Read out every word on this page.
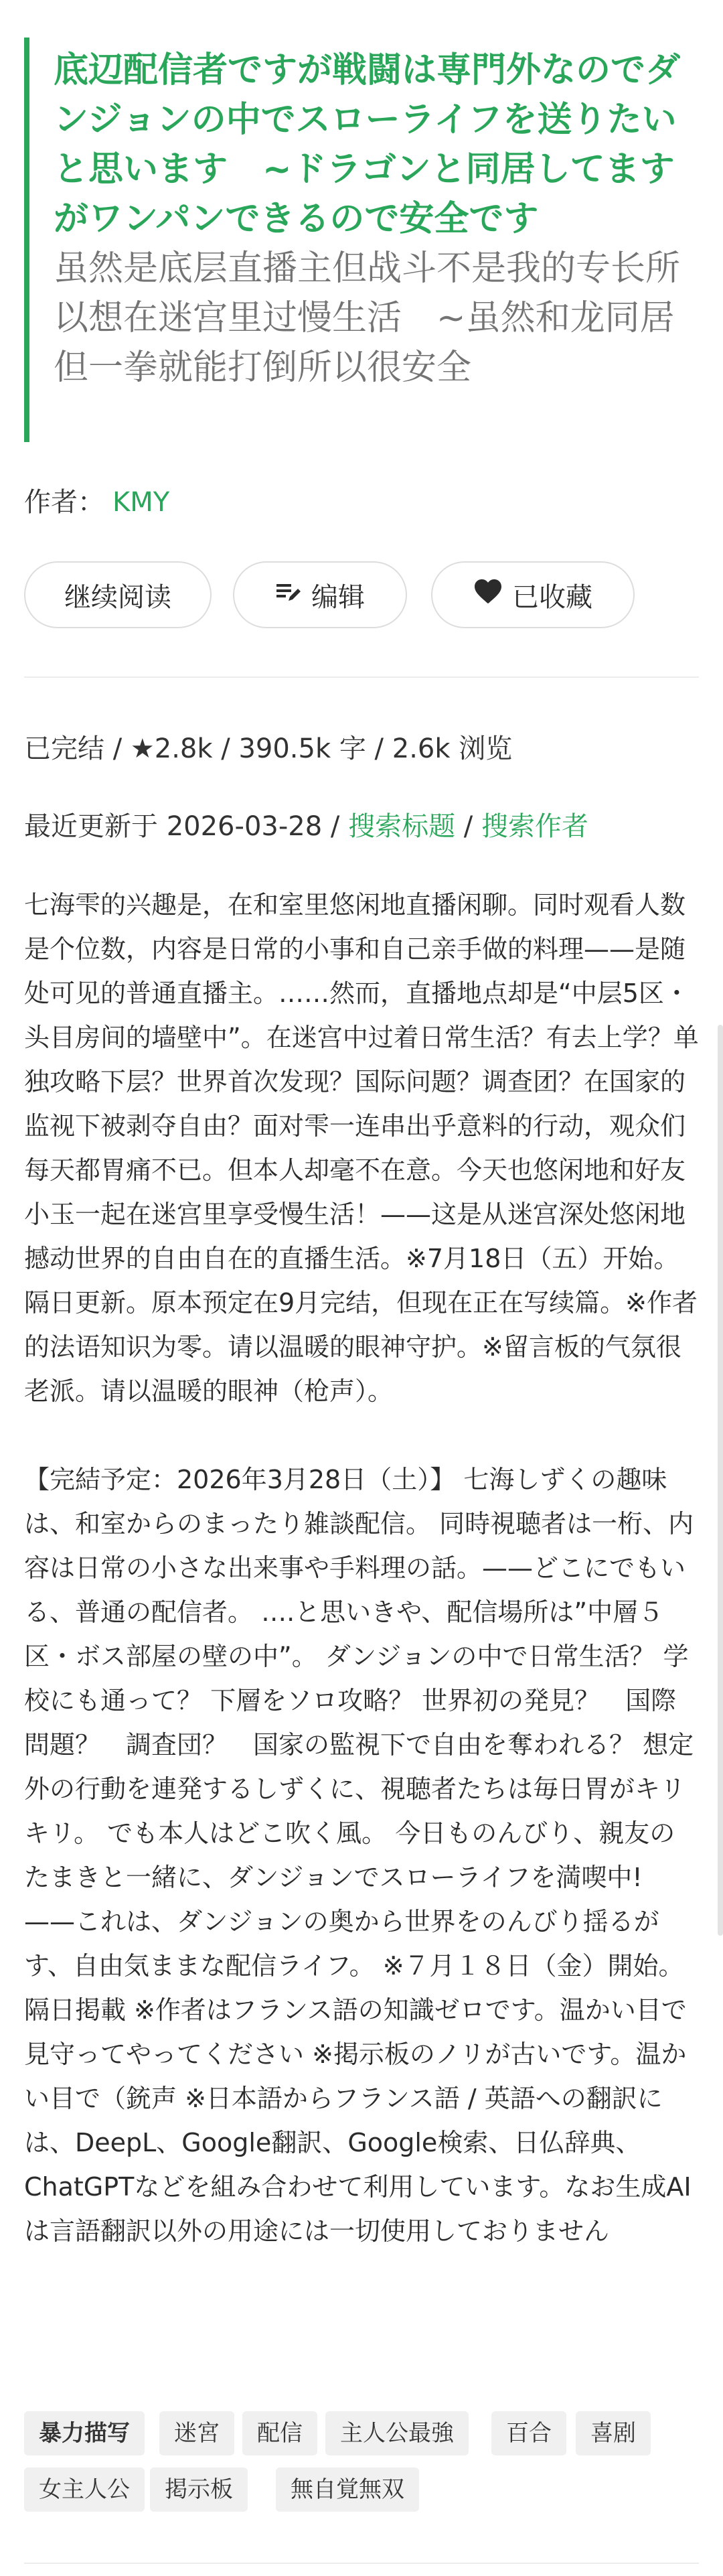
底辺配信者ですが戦闘は専門外なのでダンジョンの中でスローライフを送りたいと思います　~ドラゴンと同居してますがワンパンできるので安全です

虽然是底层直播主但战斗不是我的专长所以想在迷宫里过慢生活　~虽然和龙同居但一拳就能打倒所以很安全

作者： KMY
继续阅读	编辑	已收藏
已完结 / ★2.8k / 390.5k 字 / 2.6k 浏览
最近更新于 2026-03-28 / 搜索标题 / 搜索作者

七海雫的兴趣是，在和室里悠闲地直播闲聊。同时观看人数是个位数，内容是日常的小事和自己亲手做的料理——是随处可见的普通直播主。……然而，直播地点却是“中层5区・头目房间的墙壁中”。在迷宫中过着日常生活？有去上学？单独攻略下层？世界首次发现？国际问题？调查团？在国家的监视下被剥夺自由？面对雫一连串出乎意料的行动，观众们每天都胃痛不已。但本人却毫不在意。今天也悠闲地和好友小玉一起在迷宫里享受慢生活！——这是从迷宫深处悠闲地撼动世界的自由自在的直播生活。※7月18日（五）开始。隔日更新。原本预定在9月完结，但现在正在写续篇。※作者的法语知识为零。请以温暖的眼神守护。※留言板的气氛很老派。请以温暖的眼神（枪声）。

【完結予定：2026年3月28日（土）】 七海しずくの趣味は、和室からのまったり雑談配信。 同時視聴者は一桁、内容は日常の小さな出来事や手料理の話。——どこにでもいる、普通の配信者。 ….と思いきや、配信場所は”中層５区・ボス部屋の壁の中”。 ダンジョンの中で日常生活？ 学校にも通って？ 下層をソロ攻略？ 世界初の発見？　国際問題？　調査団？　国家の監視下で自由を奪われる？ 想定外の行動を連発するしずくに、視聴者たちは毎日胃がキリキリ。 でも本人はどこ吹く風。 今日ものんびり、親友のたまきと一緒に、ダンジョンでスローライフを満喫中! ——これは、ダンジョンの奥から世界をのんびり揺るがす、自由気ままな配信ライフ。 ※７月１８日（金）開始。隔日掲載 ※作者はフランス語の知識ゼロです。温かい目で見守ってやってください ※掲示板のノリが古いです。温かい目で（銃声 ※日本語からフランス語 / 英語への翻訳には、DeepL、Google翻訳、Google検索、日仏辞典、ChatGPTなどを組み合わせて利用しています。なお生成AIは言語翻訳以外の用途には一切使用しておりません

暴力描写	迷宮	配信	主人公最強	百合	喜剧
女主人公	掲示板	無自覚無双
